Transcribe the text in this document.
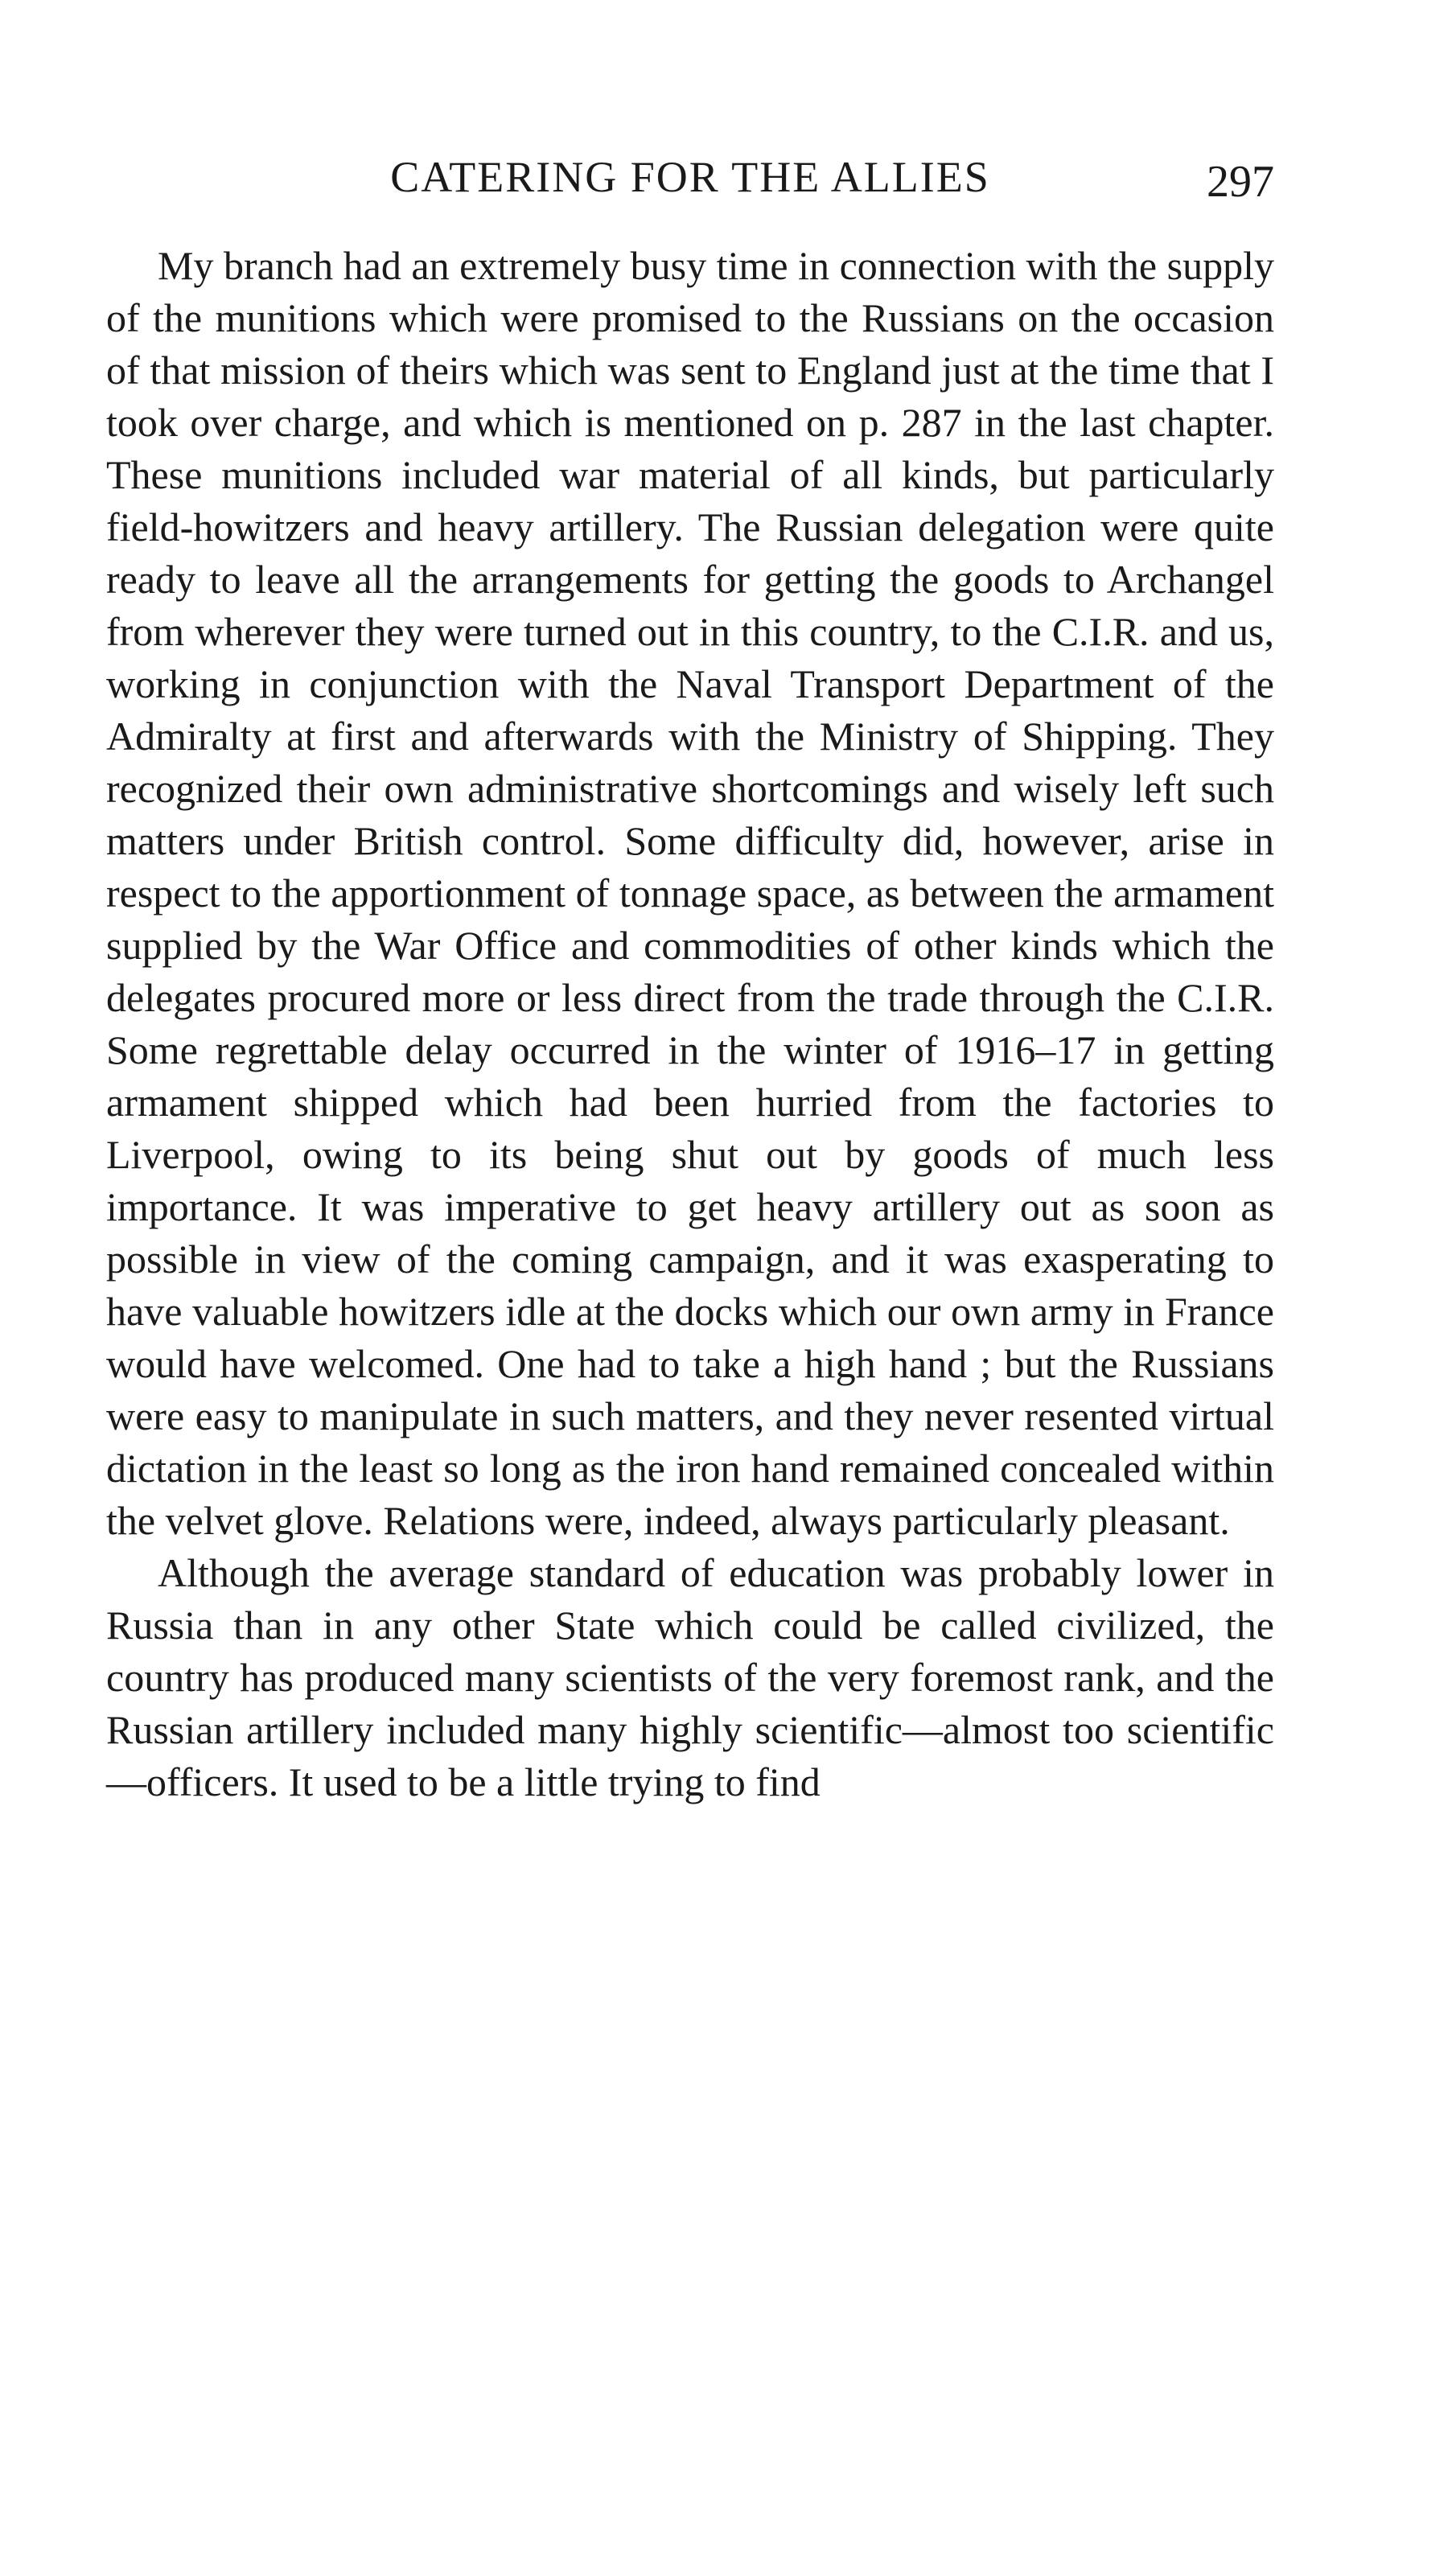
CATERING FOR THE ALLIES	297

My branch had an extremely busy time in connection with the supply of the munitions which were promised to the Russians on the occasion of that mission of theirs which was sent to England just at the time that I took over charge, and which is mentioned on p. 287 in the last chapter. These munitions included war material of all kinds, but particularly field-howitzers and heavy artillery. The Russian delegation were quite ready to leave all the arrangements for getting the goods to Archangel from wherever they were turned out in this country, to the C.I.R. and us, working in conjunction with the Naval Transport Department of the Admiralty at first and afterwards with the Ministry of Shipping. They recognized their own administrative shortcomings and wisely left such matters under British control. Some difficulty did, however, arise in respect to the apportionment of tonnage space, as between the armament supplied by the War Office and commodities of other kinds which the delegates procured more or less direct from the trade through the C.I.R. Some regrettable delay occurred in the winter of 1916–17 in getting armament shipped which had been hurried from the factories to Liverpool, owing to its being shut out by goods of much less importance. It was imperative to get heavy artillery out as soon as possible in view of the coming campaign, and it was exasperating to have valuable howitzers idle at the docks which our own army in France would have welcomed. One had to take a high hand ; but the Russians were easy to manipulate in such matters, and they never resented virtual dictation in the least so long as the iron hand remained concealed within the velvet glove. Relations were, indeed, always particularly pleasant.

Although the average standard of education was probably lower in Russia than in any other State which could be called civilized, the country has produced many scientists of the very foremost rank, and the Russian artillery included many highly scientific—almost too scientific—officers. It used to be a little trying to find
